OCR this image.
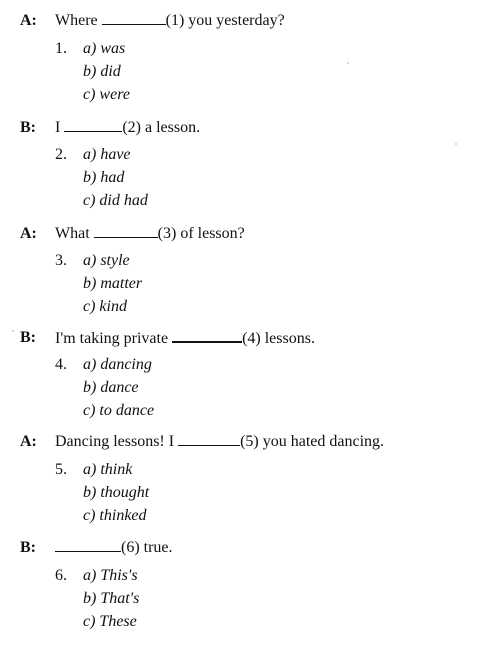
A: Where	(1) you yesterday?
1. a) was
b) did
c) were
B: I	(2) a lesson.
2. a) have
b) had
c) did had
A: What	(3) of lesson?
3. a) style
b) matter
c) kind
B: I'm taking private	(4) lessons.
4. a) dancing
b) dance
c) to dance
A: Dancing lessons! I	(5) you hated dancing.
5. a) think
b) thought
c) thinked
B:	(6) true.
6. a) This's
b) That's
c) These
